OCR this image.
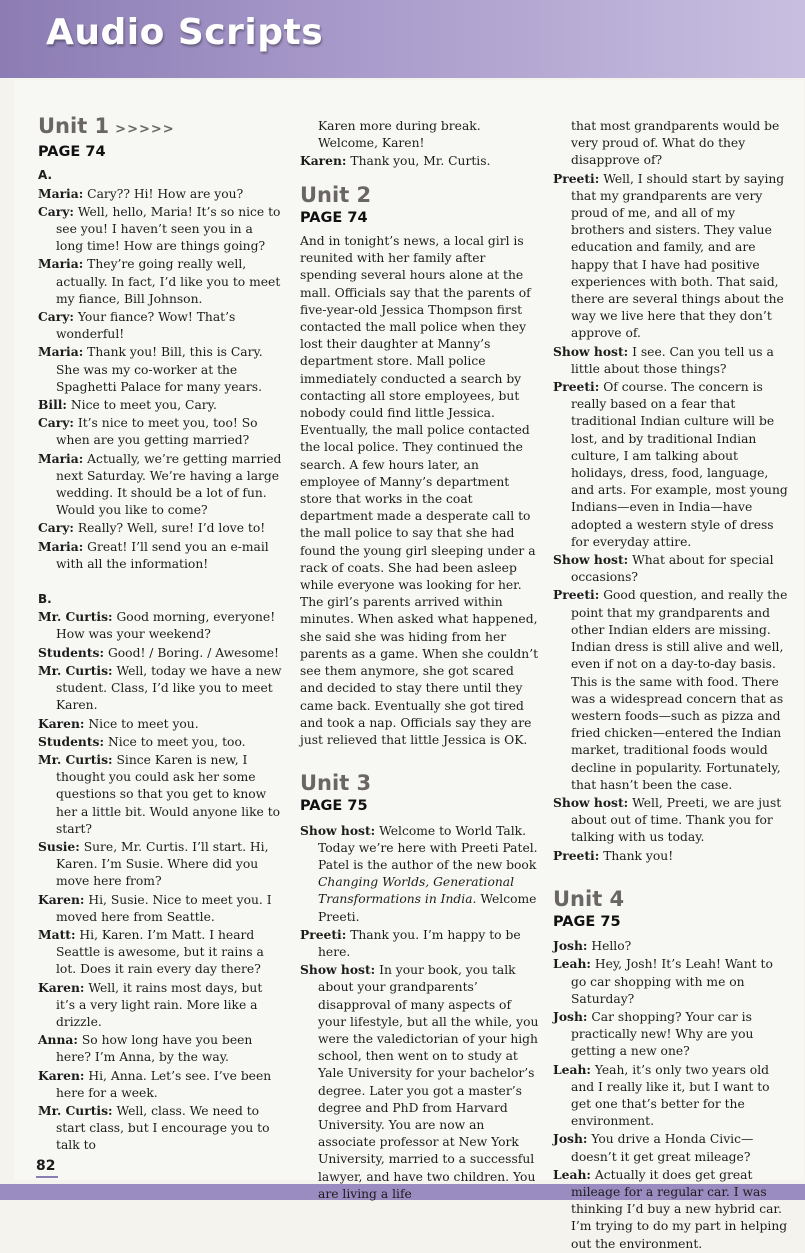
Audio Scripts
Unit 1 >>>>>
PAGE 74
A.

Maria: Cary?? Hi! How are you?

Cary: Well, hello, Maria! It’s so nice to see you! I haven’t seen you in a long time! How are things going?

Maria: They’re going really well, actually. In fact, I’d like you to meet my fiance, Bill Johnson.

Cary: Your fiance? Wow! That’s wonderful!

Maria: Thank you! Bill, this is Cary. She was my co-worker at the Spaghetti Palace for many years.

Bill: Nice to meet you, Cary.

Cary: It’s nice to meet you, too! So when are you getting married?

Maria: Actually, we’re getting married next Saturday. We’re having a large wedding. It should be a lot of fun. Would you like to come?

Cary: Really? Well, sure! I’d love to!

Maria: Great! I’ll send you an e-mail with all the information!

B.

Mr. Curtis: Good morning, everyone! How was your weekend?

Students: Good! / Boring. / Awesome!

Mr. Curtis: Well, today we have a new student. Class, I’d like you to meet Karen.

Karen: Nice to meet you.

Students: Nice to meet you, too.

Mr. Curtis: Since Karen is new, I thought you could ask her some questions so that you get to know her a little bit. Would anyone like to start?

Susie: Sure, Mr. Curtis. I’ll start. Hi, Karen. I’m Susie. Where did you move here from?

Karen: Hi, Susie. Nice to meet you. I moved here from Seattle.

Matt: Hi, Karen. I’m Matt. I heard Seattle is awesome, but it rains a lot. Does it rain every day there?

Karen: Well, it rains most days, but it’s a very light rain. More like a drizzle.

Anna: So how long have you been here? I’m Anna, by the way.

Karen: Hi, Anna. Let’s see. I’ve been here for a week.

Mr. Curtis: Well, class. We need to start class, but I encourage you to talk to

Karen more during break. Welcome, Karen!

Karen: Thank you, Mr. Curtis.

Unit 2
PAGE 74

And in tonight’s news, a local girl is reunited with her family after spending several hours alone at the mall. Officials say that the parents of five-year-old Jessica Thompson first contacted the mall police when they lost their daughter at Manny’s department store. Mall police immediately conducted a search by contacting all store employees, but nobody could find little Jessica. Eventually, the mall police contacted the local police. They continued the search. A few hours later, an employee of Manny’s department store that works in the coat department made a desperate call to the mall police to say that she had found the young girl sleeping under a rack of coats. She had been asleep while everyone was looking for her. The girl’s parents arrived within minutes. When asked what happened, she said she was hiding from her parents as a game. When she couldn’t see them anymore, she got scared and decided to stay there until they came back. Eventually she got tired and took a nap. Officials say they are just relieved that little Jessica is OK.

Unit 3
PAGE 75

Show host: Welcome to World Talk. Today we’re here with Preeti Patel. Patel is the author of the new book Changing Worlds, Generational Transformations in India. Welcome Preeti.

Preeti: Thank you. I’m happy to be here.

Show host: In your book, you talk about your grandparents’ disapproval of many aspects of your lifestyle, but all the while, you were the valedictorian of your high school, then went on to study at Yale University for your bachelor’s degree. Later you got a master’s degree and PhD from Harvard University. You are now an associate professor at New York University, married to a successful lawyer, and have two children. You are living a life

that most grandparents would be very proud of. What do they disapprove of?

Preeti: Well, I should start by saying that my grandparents are very proud of me, and all of my brothers and sisters. They value education and family, and are happy that I have had positive experiences with both. That said, there are several things about the way we live here that they don’t approve of.

Show host: I see. Can you tell us a little about those things?

Preeti: Of course. The concern is really based on a fear that traditional Indian culture will be lost, and by traditional Indian culture, I am talking about holidays, dress, food, language, and arts. For example, most young Indians—even in India—have adopted a western style of dress for everyday attire.

Show host: What about for special occasions?

Preeti: Good question, and really the point that my grandparents and other Indian elders are missing. Indian dress is still alive and well, even if not on a day-to-day basis. This is the same with food. There was a widespread concern that as western foods—such as pizza and fried chicken—entered the Indian market, traditional foods would decline in popularity. Fortunately, that hasn’t been the case.

Show host: Well, Preeti, we are just about out of time. Thank you for talking with us today.

Preeti: Thank you!

Unit 4
PAGE 75

Josh: Hello?

Leah: Hey, Josh! It’s Leah! Want to go car shopping with me on Saturday?

Josh: Car shopping? Your car is practically new! Why are you getting a new one?

Leah: Yeah, it’s only two years old and I really like it, but I want to get one that’s better for the environment.

Josh: You drive a Honda Civic—doesn’t it get great mileage?

Leah: Actually it does get great mileage for a regular car. I was thinking I’d buy a new hybrid car. I’m trying to do my part in helping out the environment.

82
